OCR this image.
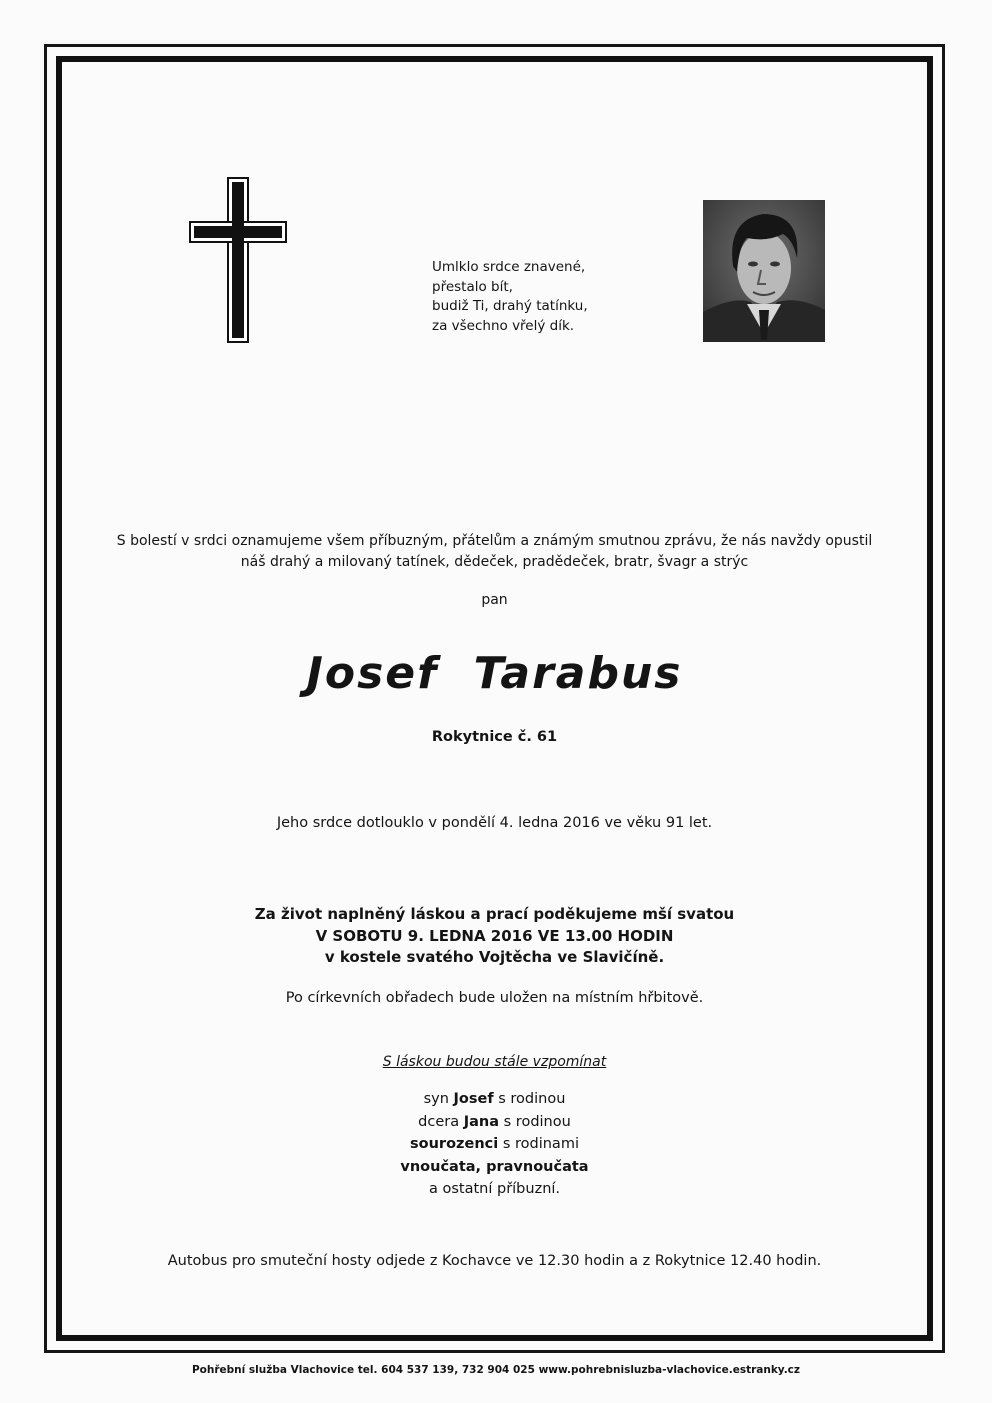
Umlklo srdce znavené,
přestalo bít,
budiž Ti, drahý tatínku,
za všechno vřelý dík.
S bolestí v srdci oznamujeme všem příbuzným, přátelům a známým smutnou zprávu, že nás navždy opustil
náš drahý a milovaný tatínek, dědeček, pradědeček, bratr, švagr a strýc
pan
Josef Tarabus
Rokytnice č. 61
Jeho srdce dotlouklo v pondělí 4. ledna 2016 ve věku 91 let.
Za život naplněný láskou a prací poděkujeme mší svatou
V SOBOTU 9. LEDNA 2016 VE 13.00 HODIN
v kostele svatého Vojtěcha ve Slavičíně.
Po církevních obřadech bude uložen na místním hřbitově.
S láskou budou stále vzpomínat
syn Josef s rodinou
dcera Jana s rodinou
sourozenci s rodinami
vnoučata, pravnoučata
a ostatní příbuzní.
Autobus pro smuteční hosty odjede z Kochavce ve 12.30 hodin a z Rokytnice 12.40 hodin.
Pohřební služba Vlachovice tel. 604 537 139, 732 904 025 www.pohrebnisluzba-vlachovice.estranky.cz
